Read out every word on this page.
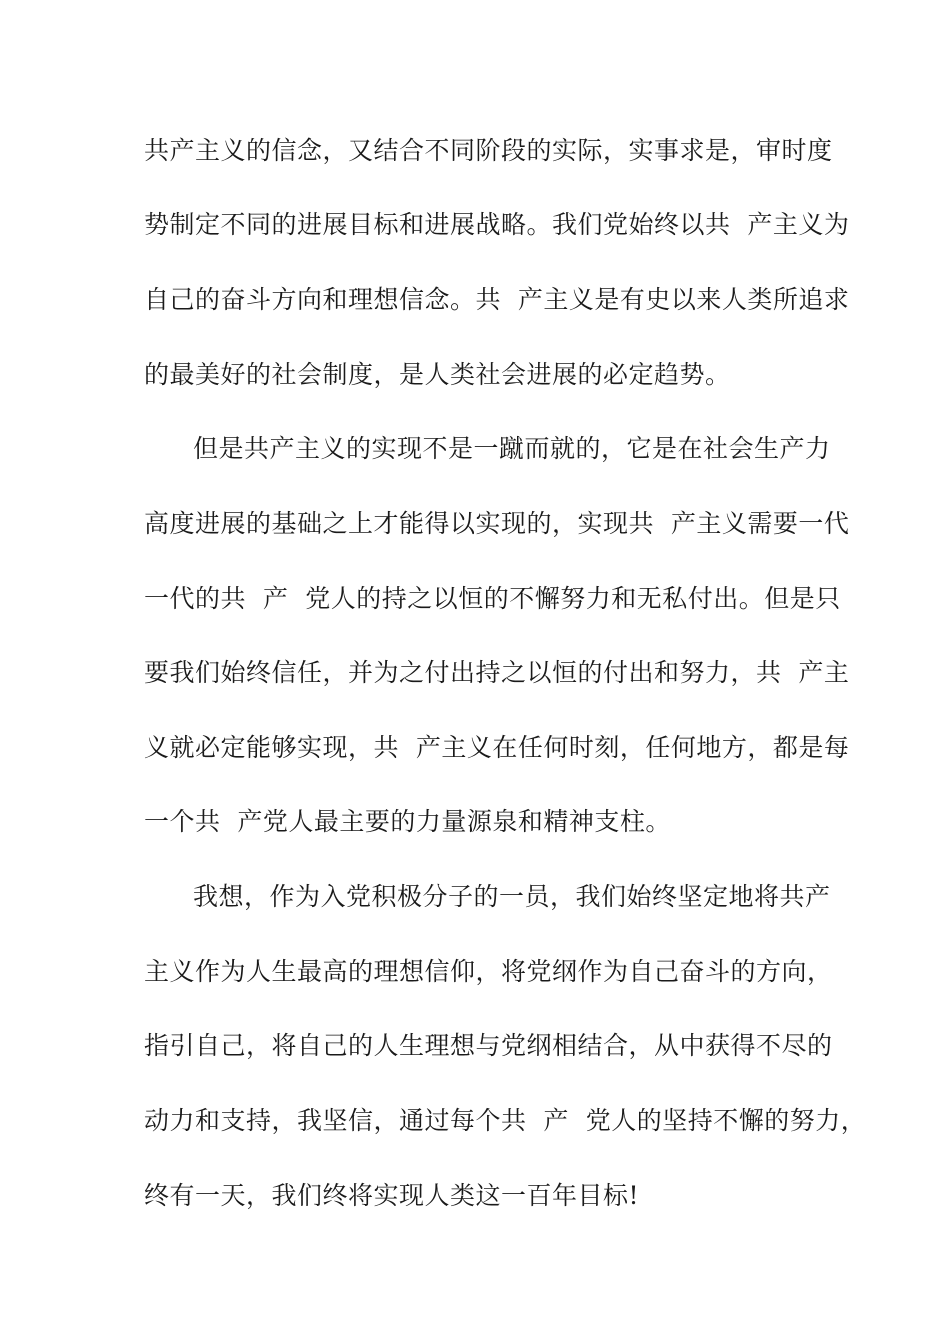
共产主义的信念，又结合不同阶段的实际，实事求是，审时度
势制定不同的进展目标和进展战略。我们党始终以共  产主义为
自己的奋斗方向和理想信念。共  产主义是有史以来人类所追求
的最美好的社会制度，是人类社会进展的必定趋势。
但是共产主义的实现不是一蹴而就的，它是在社会生产力
高度进展的基础之上才能得以实现的，实现共  产主义需要一代
一代的共  产  党人的持之以恒的不懈努力和无私付出。但是只
要我们始终信任，并为之付出持之以恒的付出和努力，共  产主
义就必定能够实现，共  产主义在任何时刻，任何地方，都是每
一个共  产党人最主要的力量源泉和精神支柱。
我想，作为入党积极分子的一员，我们始终坚定地将共产
主义作为人生最高的理想信仰，将党纲作为自己奋斗的方向，
指引自己，将自己的人生理想与党纲相结合，从中获得不尽的
动力和支持，我坚信，通过每个共  产  党人的坚持不懈的努力，
终有一天，我们终将实现人类这一百年目标!
